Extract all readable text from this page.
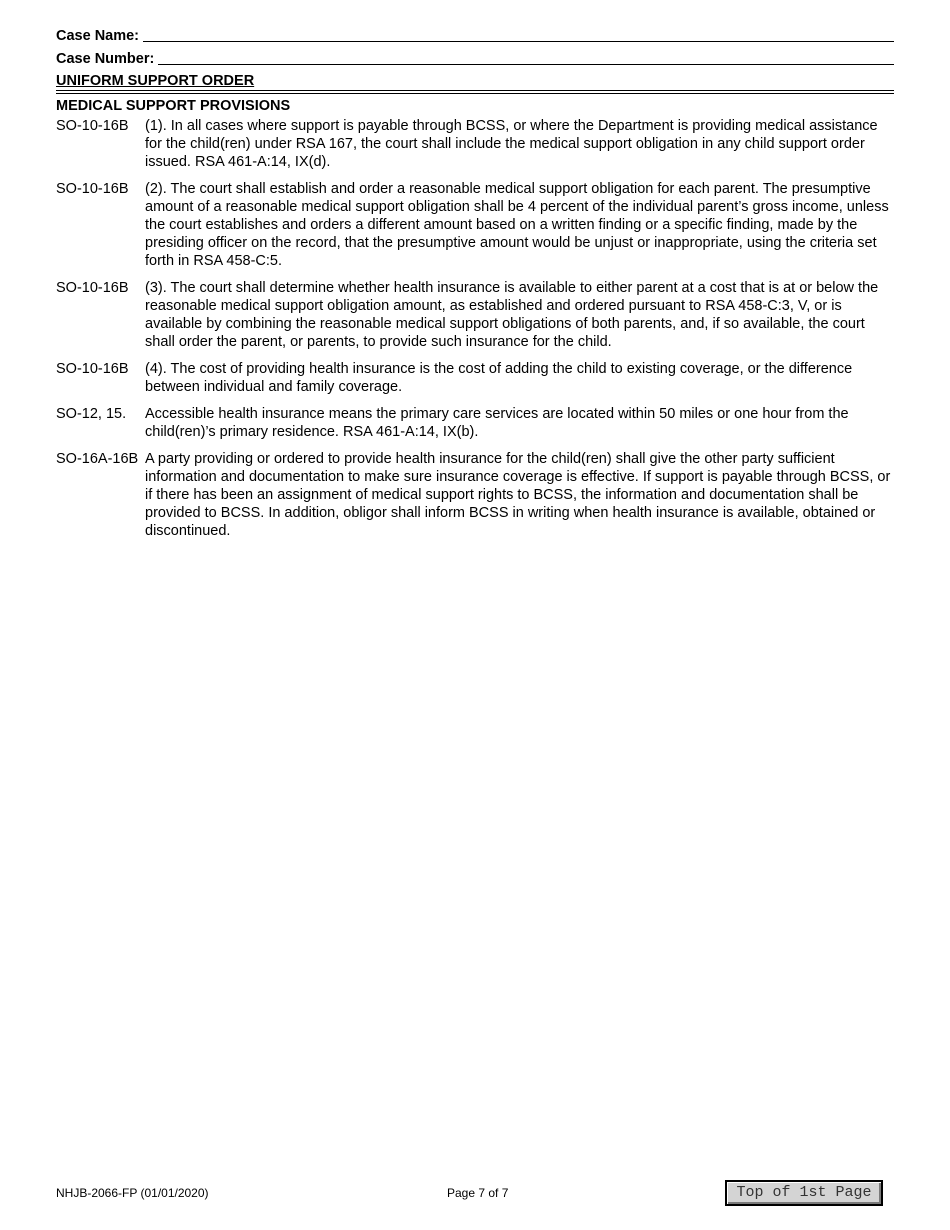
Case Name:
Case Number:
UNIFORM SUPPORT ORDER
MEDICAL SUPPORT PROVISIONS
SO-10-16B	(1). In all cases where support is payable through BCSS, or where the Department is providing medical assistance for the child(ren) under RSA 167, the court shall include the medical support obligation in any child support order issued. RSA 461-A:14, IX(d).
SO-10-16B	(2). The court shall establish and order a reasonable medical support obligation for each parent. The presumptive amount of a reasonable medical support obligation shall be 4 percent of the individual parent’s gross income, unless the court establishes and orders a different amount based on a written finding or a specific finding, made by the presiding officer on the record, that the presumptive amount would be unjust or inappropriate, using the criteria set forth in RSA 458-C:5.
SO-10-16B	(3). The court shall determine whether health insurance is available to either parent at a cost that is at or below the reasonable medical support obligation amount, as established and ordered pursuant to RSA 458-C:3, V, or is available by combining the reasonable medical support obligations of both parents, and, if so available, the court shall order the parent, or parents, to provide such insurance for the child.
SO-10-16B	(4). The cost of providing health insurance is the cost of adding the child to existing coverage, or the difference between individual and family coverage.
SO-12, 15.	Accessible health insurance means the primary care services are located within 50 miles or one hour from the child(ren)’s primary residence. RSA 461-A:14, IX(b).
SO-16A-16B A party providing or ordered to provide health insurance for the child(ren) shall give the other party sufficient information and documentation to make sure insurance coverage is effective. If support is payable through BCSS, or if there has been an assignment of medical support rights to BCSS, the information and documentation shall be provided to BCSS. In addition, obligor shall inform BCSS in writing when health insurance is available, obtained or discontinued.
NHJB-2066-FP (01/01/2020)	Page 7 of 7	Top of 1st Page
